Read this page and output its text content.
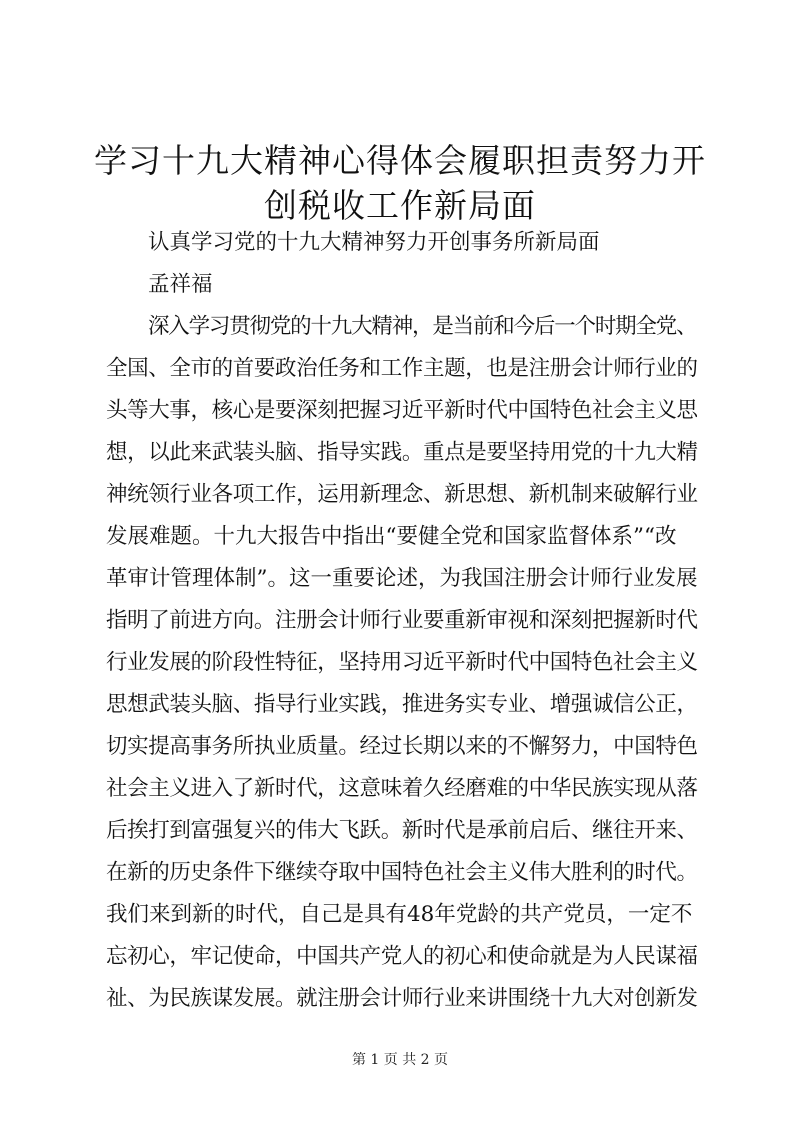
学习十九大精神心得体会履职担责努力开创税收工作新局面

认真学习党的十九大精神努力开创事务所新局面

孟祥福

深入学习贯彻党的十九大精神，是当前和今后一个时期全党、

全国、全市的首要政治任务和工作主题，也是注册会计师行业的

头等大事，核心是要深刻把握习近平新时代中国特色社会主义思

想，以此来武装头脑、指导实践。重点是要坚持用党的十九大精

神统领行业各项工作，运用新理念、新思想、新机制来破解行业

发展难题。十九大报告中指出“要健全党和国家监督体系”“改

革审计管理体制”。这一重要论述，为我国注册会计师行业发展

指明了前进方向。注册会计师行业要重新审视和深刻把握新时代

行业发展的阶段性特征，坚持用习近平新时代中国特色社会主义

思想武装头脑、指导行业实践，推进务实专业、增强诚信公正，

切实提高事务所执业质量。经过长期以来的不懈努力，中国特色

社会主义进入了新时代，这意味着久经磨难的中华民族实现从落

后挨打到富强复兴的伟大飞跃。新时代是承前启后、继往开来、

在新的历史条件下继续夺取中国特色社会主义伟大胜利的时代。

我们来到新的时代，自己是具有48年党龄的共产党员，一定不

忘初心，牢记使命，中国共产党人的初心和使命就是为人民谋福

祉、为民族谋发展。就注册会计师行业来讲围绕十九大对创新发

第 1 页 共 2 页
